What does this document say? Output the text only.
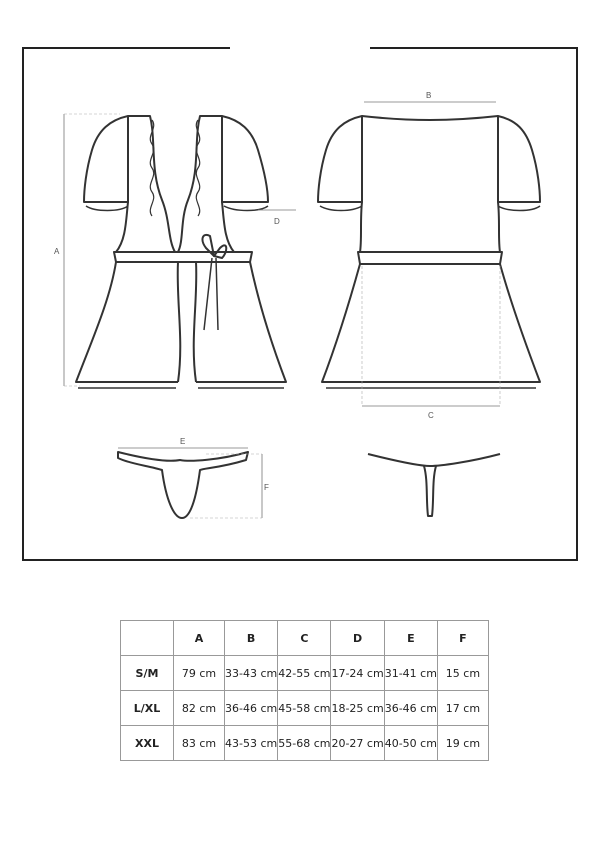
A
D
B
C
E
F
	A	B	C	D	E	F
S/M	79 cm	33-43 cm	42-55 cm	17-24 cm	31-41 cm	15 cm
L/XL	82 cm	36-46 cm	45-58 cm	18-25 cm	36-46 cm	17 cm
XXL	83 cm	43-53 cm	55-68 cm	20-27 cm	40-50 cm	19 cm
